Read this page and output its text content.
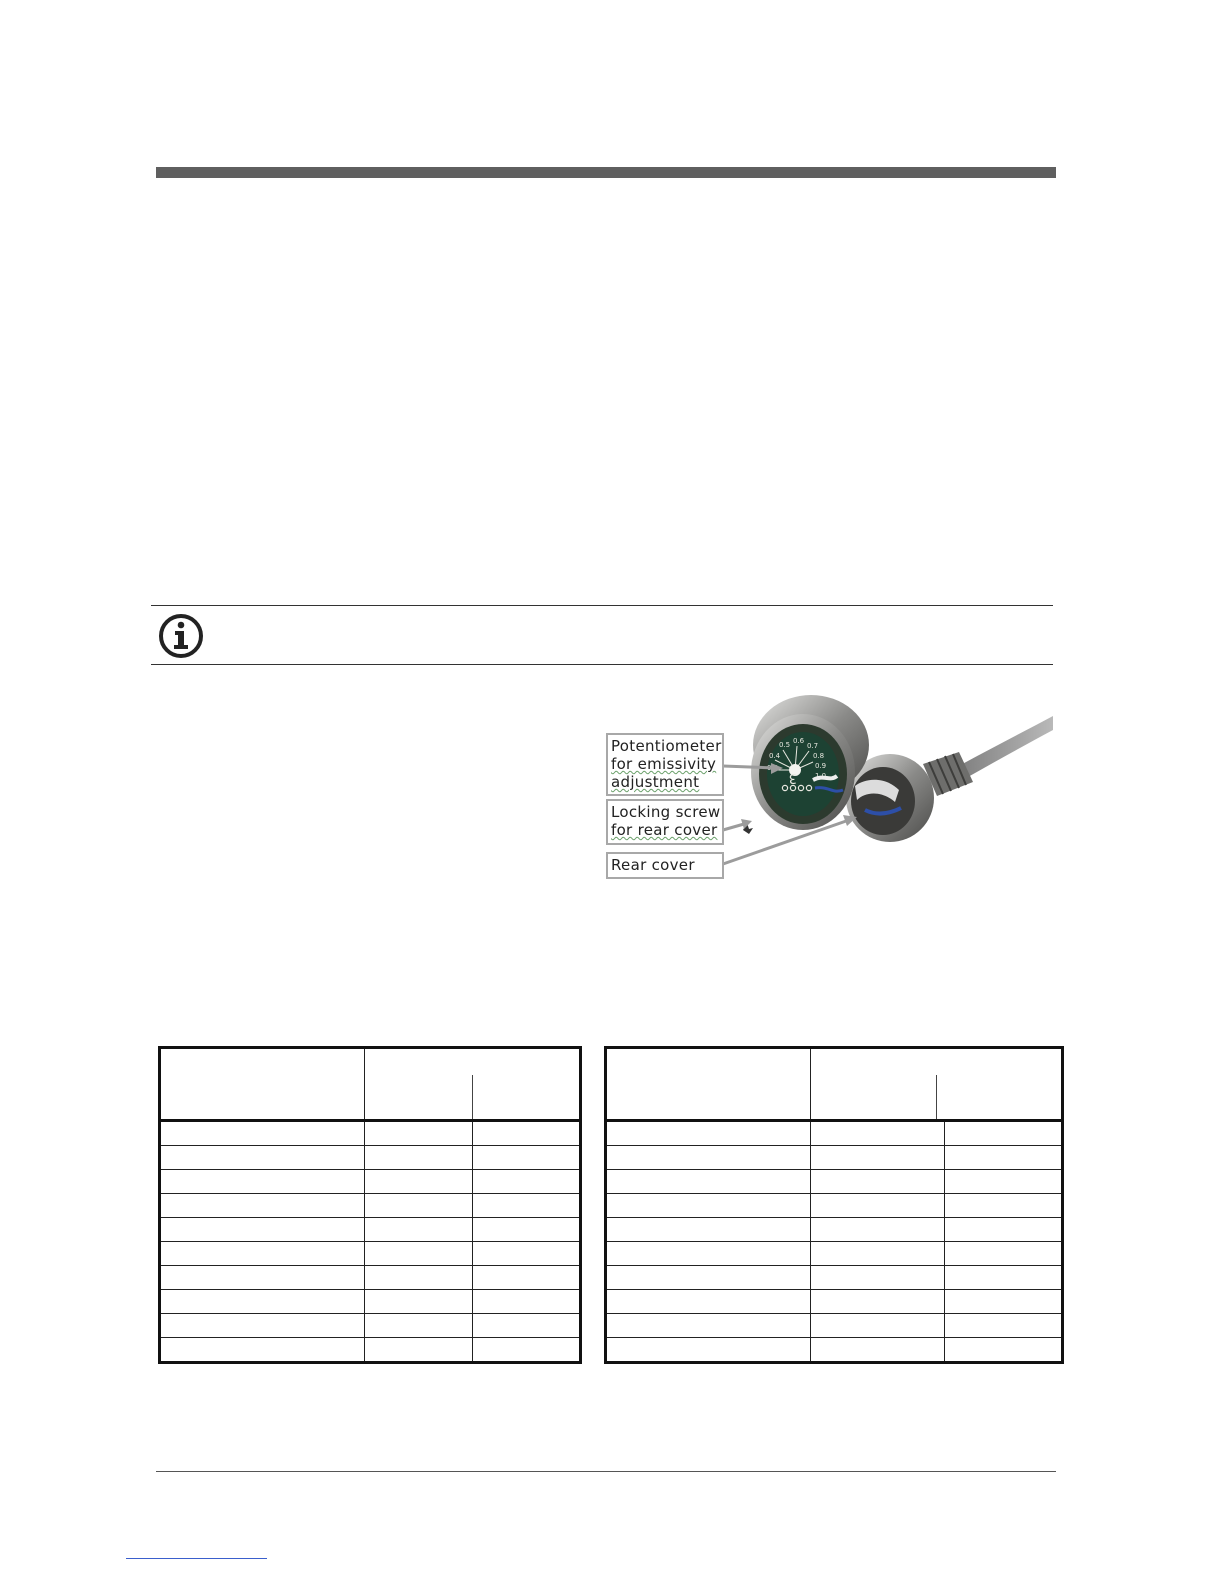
0.5 0.6
0.7
0.4	0.8
0.9
1.0
3
Potentiometer
for emissivity
adjustment
Locking screw
for rear cover
Rear cover
